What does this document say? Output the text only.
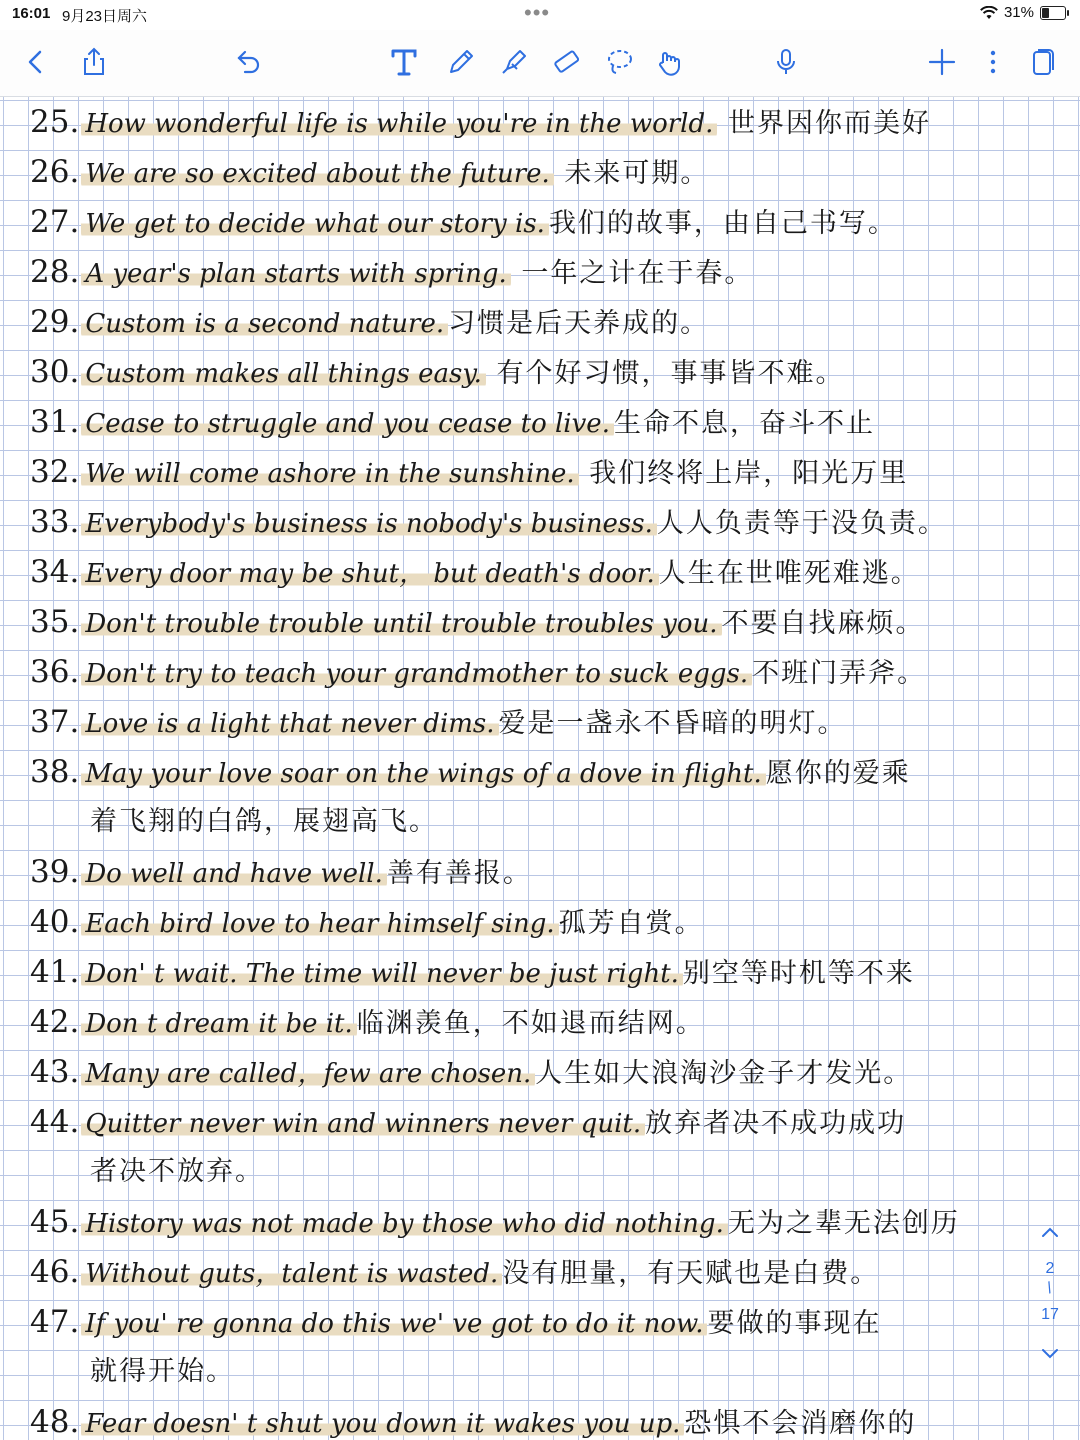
16:01 9月23日周六	•••	31%
25. How wonderful life is while you're in the world. 世界因你而美好
26. We are so excited about the future. 未来可期。
27. We get to decide what our story is. 我们的故事，由自己书写。
28. A year's plan starts with spring. 一年之计在于春。
29. Custom is a second nature. 习惯是后天养成的。
30. Custom makes all things easy. 有个好习惯，事事皆不难。
31. Cease to struggle and you cease to live. 生命不息，奋斗不止
32. We will come ashore in the sunshine. 我们终将上岸，阳光万里
33. Everybody's business is nobody's business. 人人负责等于没负责。
34. Every door may be shut， but death's door. 人生在世唯死难逃。
35. Don't trouble trouble until trouble troubles you. 不要自找麻烦。
36. Don't try to teach your grandmother to suck eggs. 不班门弄斧。
37. Love is a light that never dims. 爱是一盏永不昏暗的明灯。
38. May your love soar on the wings of a dove in flight. 愿你的爱乘
着飞翔的白鸽，展翅高飞。
39. Do well and have well. 善有善报。
40. Each bird love to hear himself sing. 孤芳自赏。
41. Don' t wait. The time will never be just right. 别空等时机等不来
42. Don t dream it be it. 临渊羡鱼，不如退而结网。
43. Many are called，few are chosen. 人生如大浪淘沙金子才发光。
44. Quitter never win and winners never quit. 放弃者决不成功成功
者决不放弃。
45. History was not made by those who did nothing. 无为之辈无法创历
46. Without guts，talent is wasted. 没有胆量，有天赋也是白费。
47. If you' re gonna do this we' ve got to do it now. 要做的事现在
就得开始。
48. Fear doesn' t shut you down it wakes you up. 恐惧不会消磨你的
2
/
17
